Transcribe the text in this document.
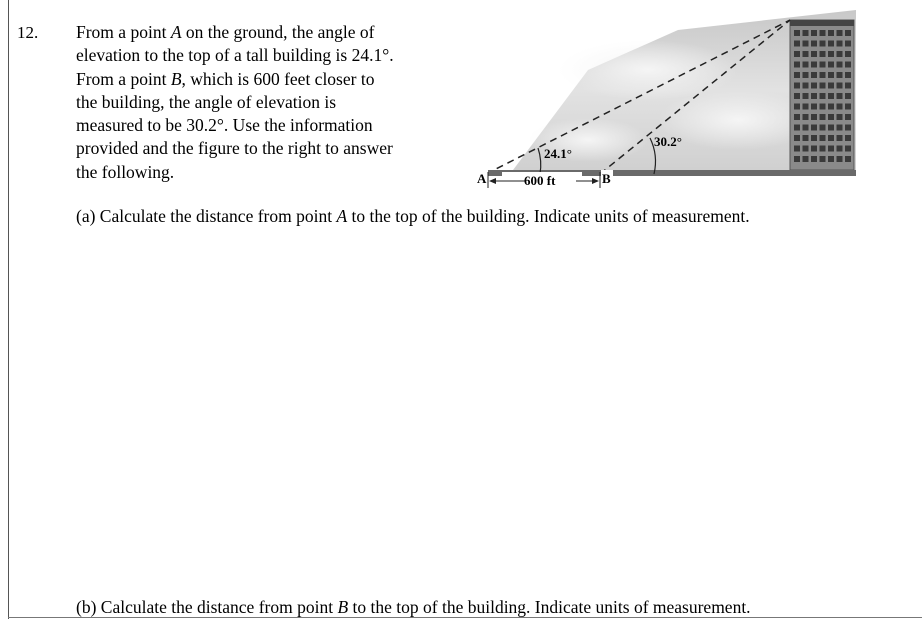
12. From a point A on the ground, the angle of

elevation to the top of a tall building is 24.1°.

From a point B, which is 600 feet closer to

the building, the angle of elevation is

measured to be 30.2°. Use the information

provided and the figure to the right to answer

the following.

24.1°
30.2°
A	B
600 ft
(a) Calculate the distance from point A to the top of the building. Indicate units of measurement.
(b) Calculate the distance from point B to the top of the building. Indicate units of measurement.
